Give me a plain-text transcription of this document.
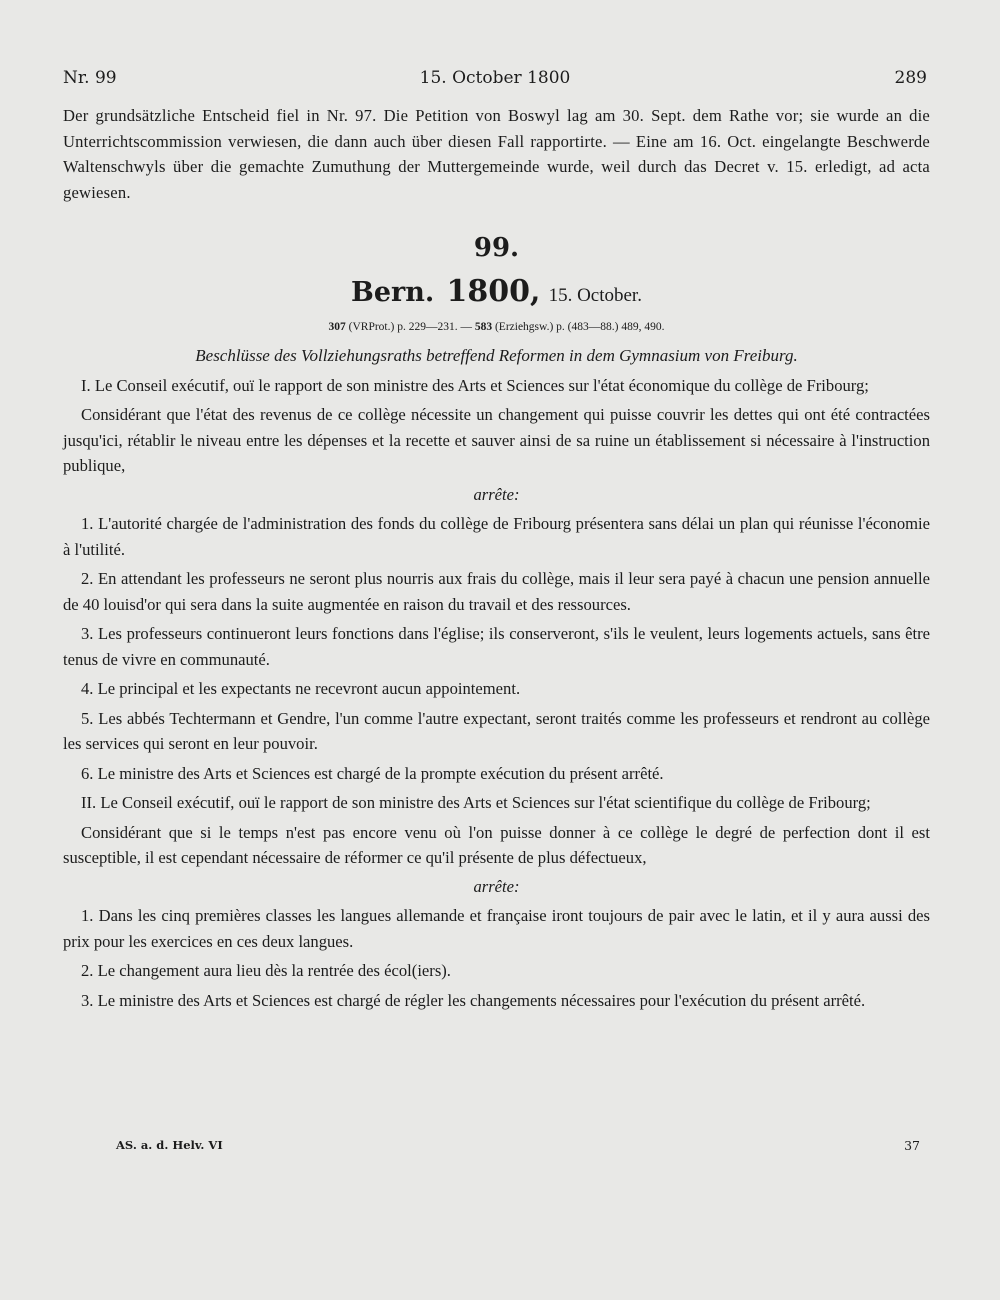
Nr. 99	15. October 1800	289

Der grundsätzliche Entscheid fiel in Nr. 97. Die Petition von Boswyl lag am 30. Sept. dem Rathe vor; sie wurde an die Unterrichtscommission verwiesen, die dann auch über diesen Fall rapportirte. — Eine am 16. Oct. eingelangte Beschwerde Waltenschwyls über die gemachte Zumuthung der Muttergemeinde wurde, weil durch das Decret v. 15. erledigt, ad acta gewiesen.

99.
Bern. 1800, 15. October.
307 (VRProt.) p. 229—231. — 583 (Erziehgsw.) p. (483—88.) 489, 490.
Beschlüsse des Vollziehungsraths betreffend Reformen in dem Gymnasium von Freiburg.

I. Le Conseil exécutif, ouï le rapport de son ministre des Arts et Sciences sur l'état économique du collège de Fribourg;

Considérant que l'état des revenus de ce collège nécessite un changement qui puisse couvrir les dettes qui ont été contractées jusqu'ici, rétablir le niveau entre les dépenses et la recette et sauver ainsi de sa ruine un établissement si nécessaire à l'instruction publique,

arrête:

1. L'autorité chargée de l'administration des fonds du collège de Fribourg présentera sans délai un plan qui réunisse l'économie à l'utilité.

2. En attendant les professeurs ne seront plus nourris aux frais du collège, mais il leur sera payé à chacun une pension annuelle de 40 louisd'or qui sera dans la suite augmentée en raison du travail et des ressources.

3. Les professeurs continueront leurs fonctions dans l'église; ils conserveront, s'ils le veulent, leurs logements actuels, sans être tenus de vivre en communauté.

4. Le principal et les expectants ne recevront aucun appointement.

5. Les abbés Techtermann et Gendre, l'un comme l'autre expectant, seront traités comme les professeurs et rendront au collège les services qui seront en leur pouvoir.

6. Le ministre des Arts et Sciences est chargé de la prompte exécution du présent arrêté.

II. Le Conseil exécutif, ouï le rapport de son ministre des Arts et Sciences sur l'état scientifique du collège de Fribourg;

Considérant que si le temps n'est pas encore venu où l'on puisse donner à ce collège le degré de perfection dont il est susceptible, il est cependant nécessaire de réformer ce qu'il présente de plus défectueux,

arrête:

1. Dans les cinq premières classes les langues allemande et française iront toujours de pair avec le latin, et il y aura aussi des prix pour les exercices en ces deux langues.

2. Le changement aura lieu dès la rentrée des écol(iers).

3. Le ministre des Arts et Sciences est chargé de régler les changements nécessaires pour l'exécution du présent arrêté.

AS. a. d. Helv. VI	37
